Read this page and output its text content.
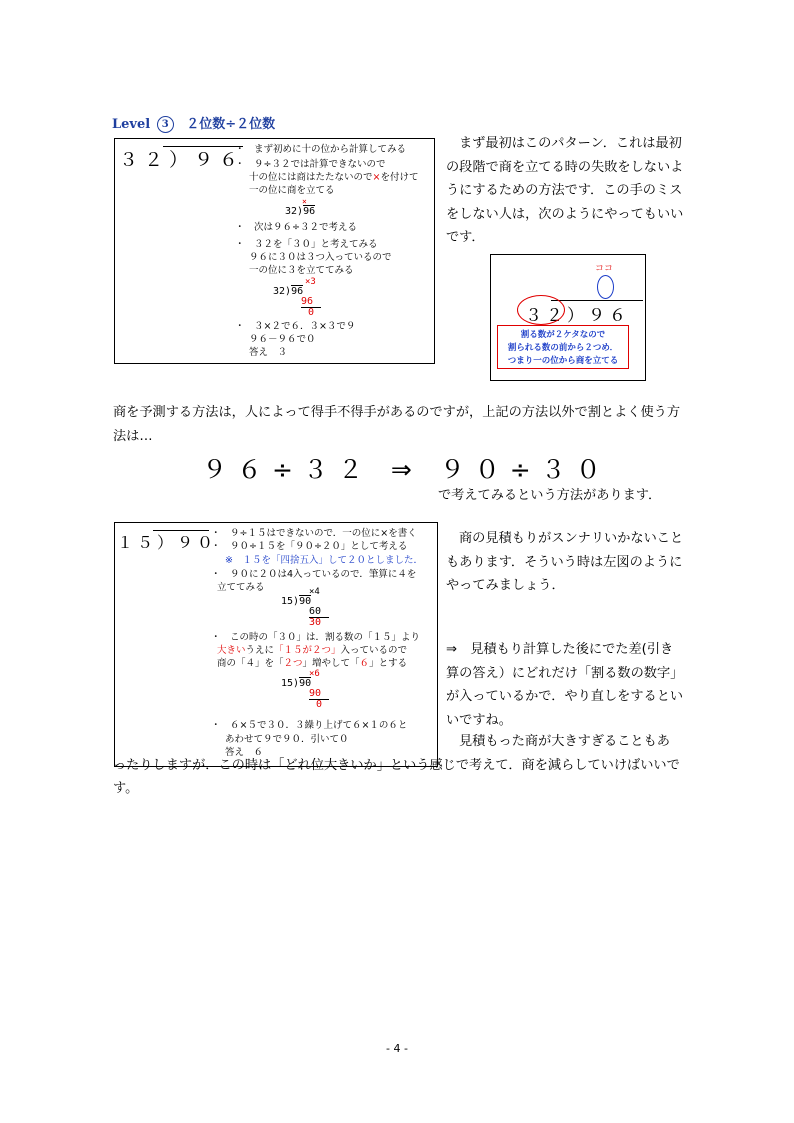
Level 3 ２位数÷２位数
３２）９６
・　まず初めに十の位から計算してみる
・　９÷３２では計算できないので
十の位には商はたたないので×を付けて
一の位に商を立てる
×
32)96
・　次は９６÷３２で考える
・　３２を「３０」と考えてみる
９６に３０は３つ入っているので
一の位に３を立ててみる
×3
32)96
96
0
・　３×２で６．３×３で９
９６－９６で０
答え　３
まず最初はこのパターン．これは最初の段階で商を立てる時の失敗をしないようにするための方法です．この手のミスをしない人は，次のようにやってもいいです．
ココ
３２）９６
割る数が２ケタなので
割られる数の前から２つめ．
つまり一の位から商を立てる
商を予測する方法は，人によって得手不得手があるのですが，上記の方法以外で割とよく使う方法は…
９６÷３２ ⇒ ９０÷３０
で考えてみるという方法があります．
１５）９０
・　９÷１５はできないので．一の位に×を書く
・　９０÷１５を「９０÷２０」として考える
※　１５を「四捨五入」して２０としました．
・　９０に２０は4入っているので．筆算に４を
立ててみる	×4
15)90
60
30
・　この時の「３０」は．割る数の「１５」より
大きいうえに「１５が２つ」入っているので
商の「４」を「２つ」増やして「６」とする
×6
15)90
90
0
・　６×５で３０．３繰り上げて６×１の６と
あわせて９で９０．引いて０
答え　６
商の見積もりがスンナリいかないこともあります．そういう時は左図のようにやってみましょう．
⇒　見積もり計算した後にでた差(引き算の答え）にどれだけ「割る数の数字」が入っているかで．やり直しをするといいですね。
見積もった商が大きすぎることもあったりしますが．この時は「どれ位大きいか」という感じで考えて．商を減らしていけばいいです。
- 4 -
